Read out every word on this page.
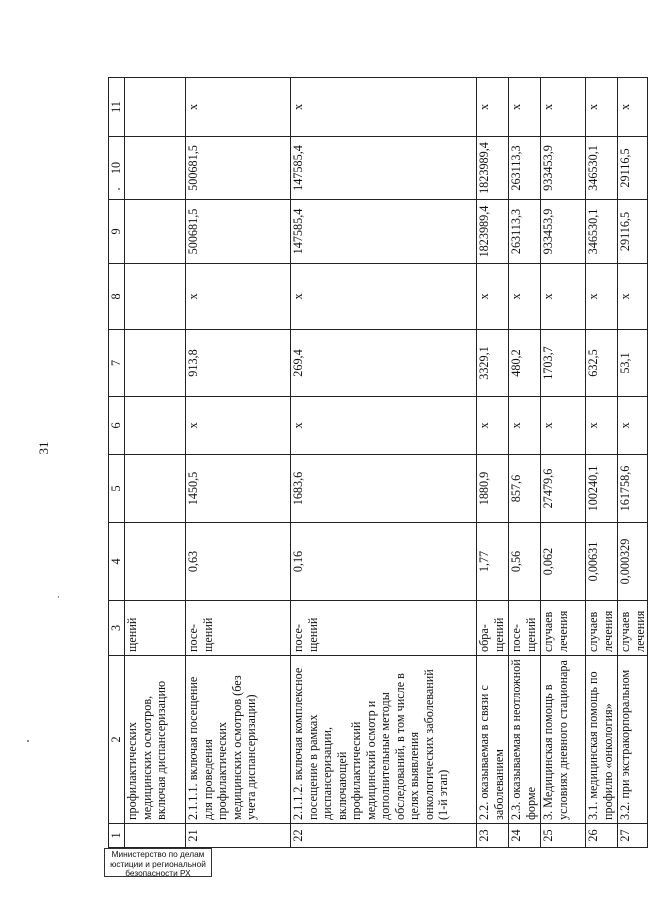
31
1	2	3	4	5	6	7	8	9	10	11
	профилактических медицинских осмотров, включая диспансеризацию	щений								
21	2.1.1.1. включая посещение для проведения профилактических медицинских осмотров (без учета диспансеризации)	посе-щений	0,63	1450,5	х	913,8	х	500681,5	500681,5	х
22	2.1.1.2. включая комплексное посещение в рамках диспансеризации, включающей профилактический медицинский осмотр и дополнительные методы обследований, в том числе в целях выявления онкологических заболеваний (1-й этап)	посе-щений	0,16	1683,6	х	269,4	х	147585,4	147585,4	х
23	2.2. оказываемая в связи с заболеванием	обра-щений	1,77	1880,9	х	3329,1	х	1823989,4	1823989,4	х
24	2.3. оказываемая в неотложной форме	посе-щений	0,56	857,6	х	480,2	х	263113,3	263113,3	х
25	3. Медицинская помощь в условиях дневного стационара	случаев лечения	0,062	27479,6	х	1703,7	х	933453,9	933453,9	х
26	3.1. медицинская помощь по профилю «онкология»	случаев лечения	0,00631	100240,1	х	632,5	х	346530,1	346530,1	х
27	3.2. при экстракорпоральном	случаев лечения	0,000329	161758,6	х	53,1	х	29116,5	29116,5	х
Министерство по делам
юстиции и региональной
безопасности РХ
